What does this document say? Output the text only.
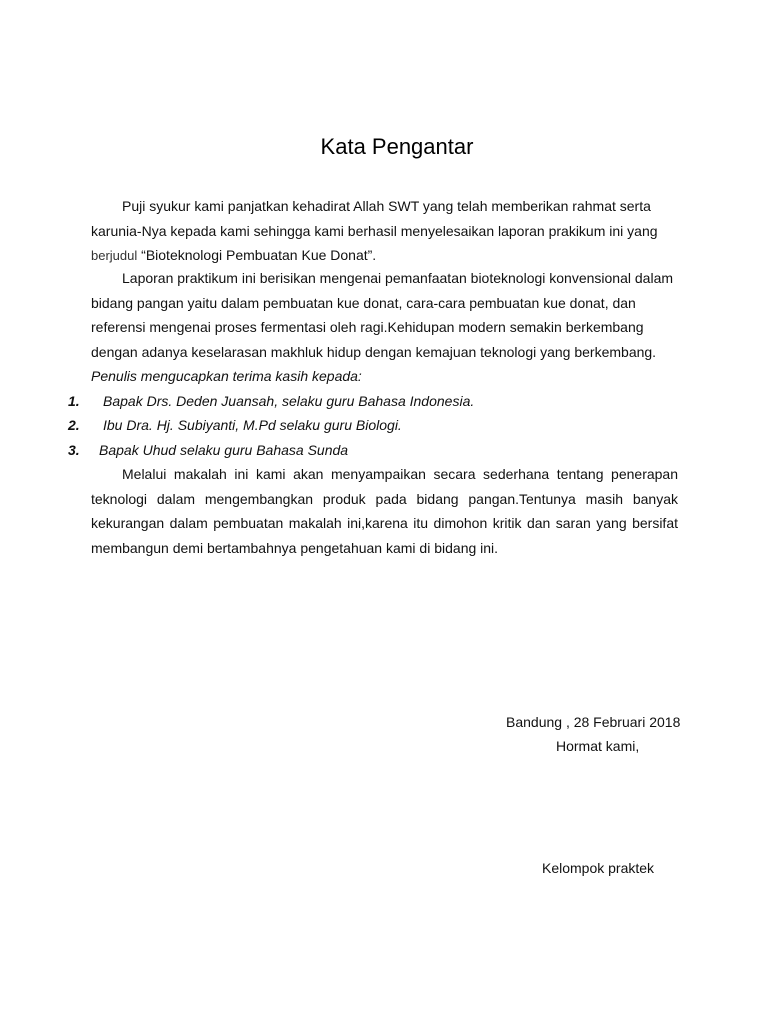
Kata Pengantar

Puji syukur kami panjatkan kehadirat Allah SWT yang telah memberikan rahmat serta karunia-Nya kepada kami sehingga kami berhasil menyelesaikan laporan prakikum ini yang berjudul “Bioteknologi Pembuatan Kue Donat”.

Laporan praktikum ini berisikan mengenai pemanfaatan bioteknologi konvensional dalam bidang pangan yaitu dalam pembuatan kue donat, cara-cara pembuatan kue donat, dan referensi mengenai proses fermentasi oleh ragi.Kehidupan modern semakin berkembang dengan adanya keselarasan makhluk hidup dengan kemajuan teknologi yang berkembang.

Penulis mengucapkan terima kasih kepada:
1. Bapak Drs. Deden Juansah, selaku guru Bahasa Indonesia.
2. Ibu Dra. Hj. Subiyanti, M.Pd selaku guru Biologi.
3. Bapak Uhud selaku guru Bahasa Sunda

Melalui makalah ini kami akan menyampaikan secara sederhana tentang penerapan teknologi dalam mengembangkan produk pada bidang pangan.Tentunya masih banyak kekurangan dalam pembuatan makalah ini,karena itu dimohon kritik dan saran yang bersifat membangun demi bertambahnya pengetahuan kami di bidang ini.

Bandung , 28 Februari 2018
Hormat kami,
Kelompok praktek
